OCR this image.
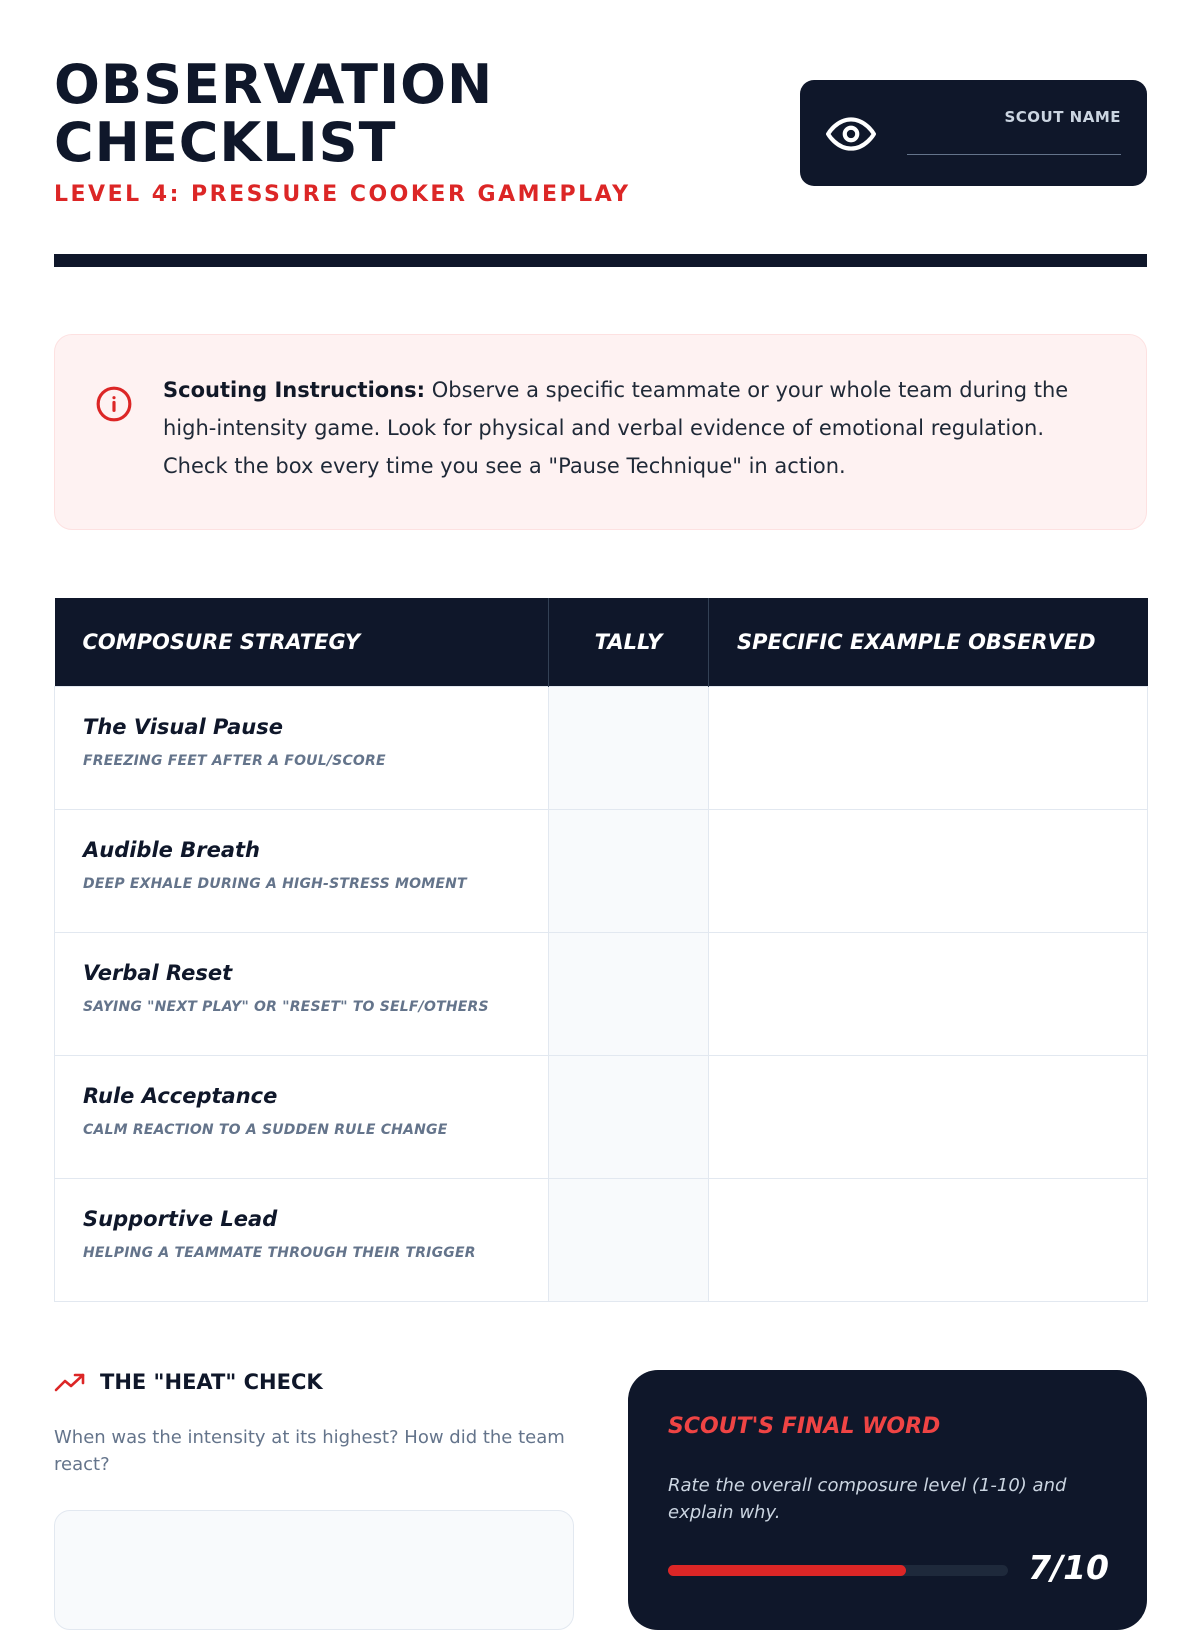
OBSERVATION
CHECKLIST
LEVEL 4: PRESSURE COOKER GAMEPLAY
SCOUT NAME
Scouting Instructions: Observe a specific teammate or your whole team during the high-intensity game. Look for physical and verbal evidence of emotional regulation. Check the box every time you see a "Pause Technique" in action.
COMPOSURE STRATEGY	TALLY	SPECIFIC EXAMPLE OBSERVED

The Visual Pause
FREEZING FEET AFTER A FOUL/SCORE		

Audible Breath
DEEP EXHALE DURING A HIGH-STRESS MOMENT		

Verbal Reset
SAYING "NEXT PLAY" OR "RESET" TO SELF/OTHERS		

Rule Acceptance
CALM REACTION TO A SUDDEN RULE CHANGE		

Supportive Lead
HELPING A TEAMMATE THROUGH THEIR TRIGGER		

THE "HEAT" CHECK
When was the intensity at its highest? How did the team react?
SCOUT'S FINAL WORD
Rate the overall composure level (1-10) and explain why.
7/10
